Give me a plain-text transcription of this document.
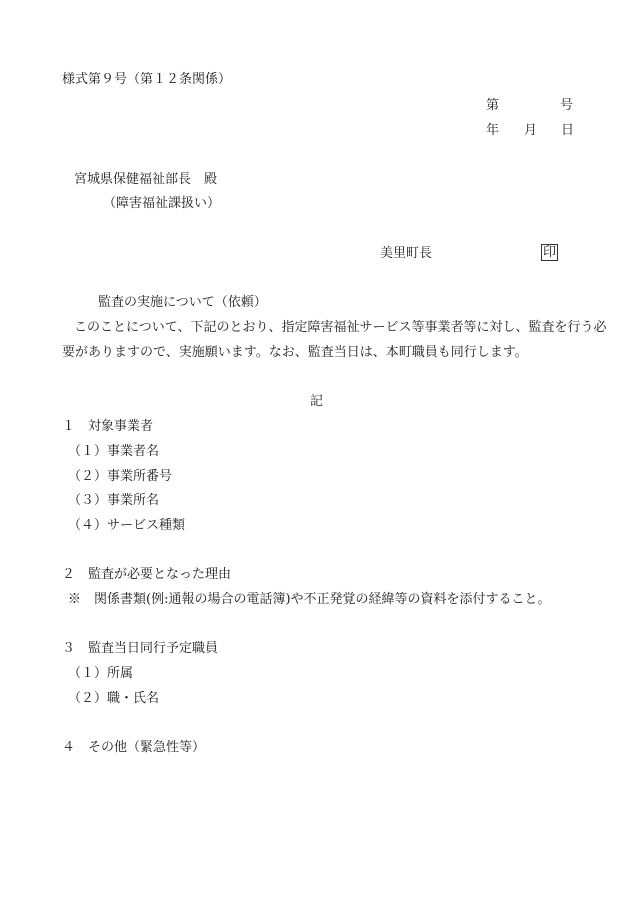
様式第９号（第１２条関係）
第	号
年 月 日
宮城県保健福祉部長　殿
（障害福祉課扱い）
美里町長	印
監査の実施について（依頼）
このことについて、下記のとおり、指定障害福祉サービス等事業者等に対し、監査を行う必
要がありますので、実施願います。なお、監査当日は、本町職員も同行します。
記
１　対象事業者
（１）事業者名
（２）事業所番号
（３）事業所名
（４）サービス種類
２　監査が必要となった理由
※　関係書類(例:通報の場合の電話簿)や不正発覚の経緯等の資料を添付すること。
３　監査当日同行予定職員
（１）所属
（２）職・氏名
４　その他（緊急性等）
